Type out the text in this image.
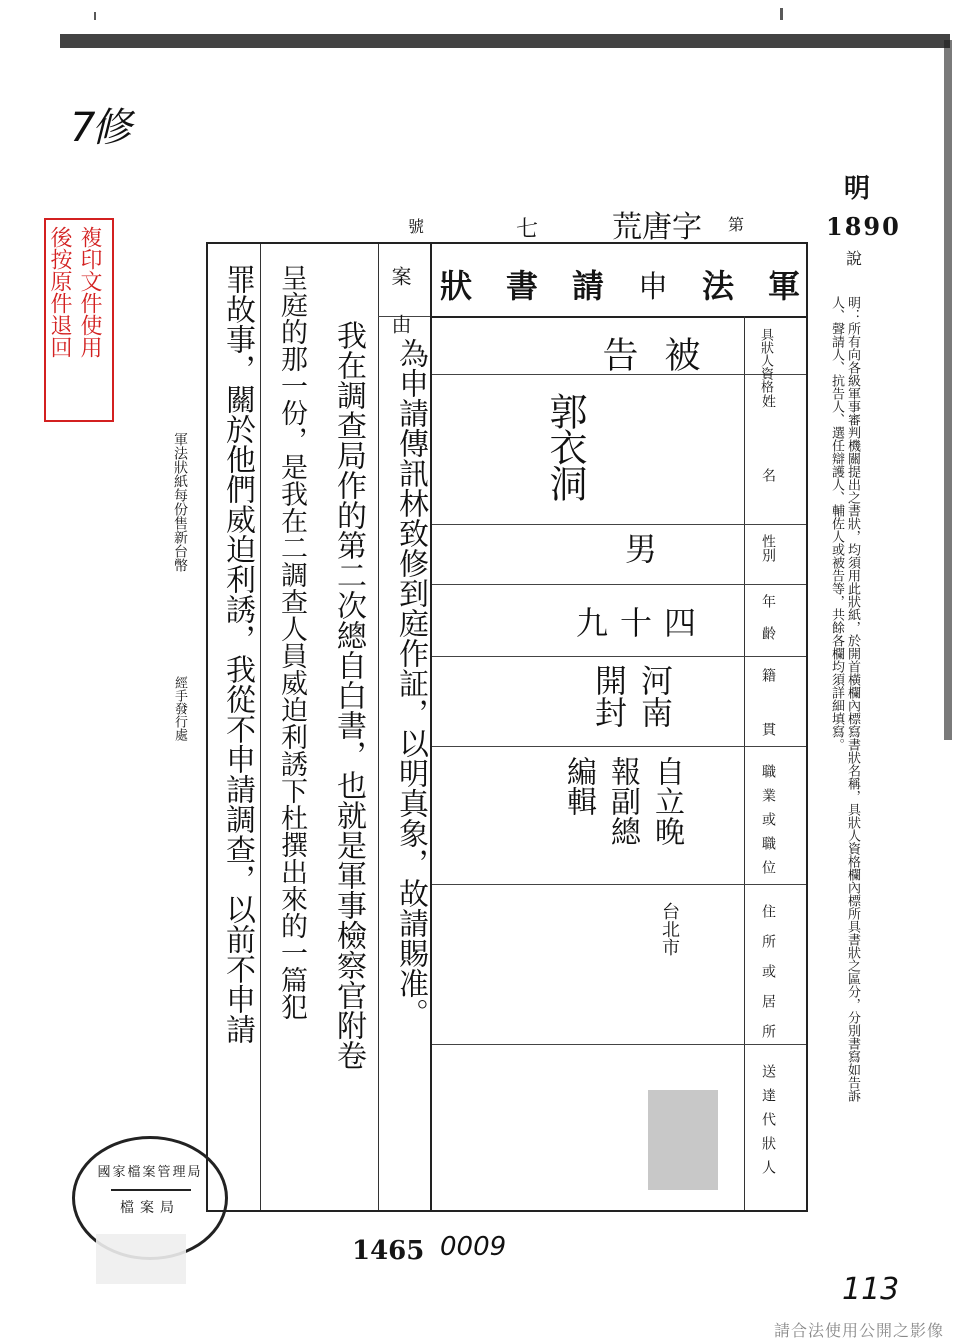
7修
明
1890
說
明：所有向各級軍事審判機關提出之書狀，均須用此狀紙，於開首橫欄內標寫書狀名稱，具狀人資格欄內標所具書狀之區分，分別書寫如告訴人、聲請人、抗告人、選任辯護人、輔佐人或被告等，共餘各欄均須詳細填寫。
荒唐字 第
七
號
複印文件使用
後按原件退回
軍法狀紙每份售新台幣
經手發行處
軍
法
申
請
書
狀
案由	具狀人資格
姓名
性別
年齡
籍貫
職業或職位
住所或居所
送達代狀人
被
告
郭衣洞
男
四十九
河南開封
自立晚報副總編輯
台北市
為申請傳訊林致修到庭作証，以明真象，故請賜准。
我在調查局作的第二次總自白書，也就是軍事檢察官附卷
呈庭的那一份，是我在二調查人員威迫利誘下杜撰出來的一篇犯
罪故事，關於他們威迫利誘，我從不申請調查，以前不申請
國家檔案管理局
檔案局
1465 0009
113
請合法使用公開之影像
